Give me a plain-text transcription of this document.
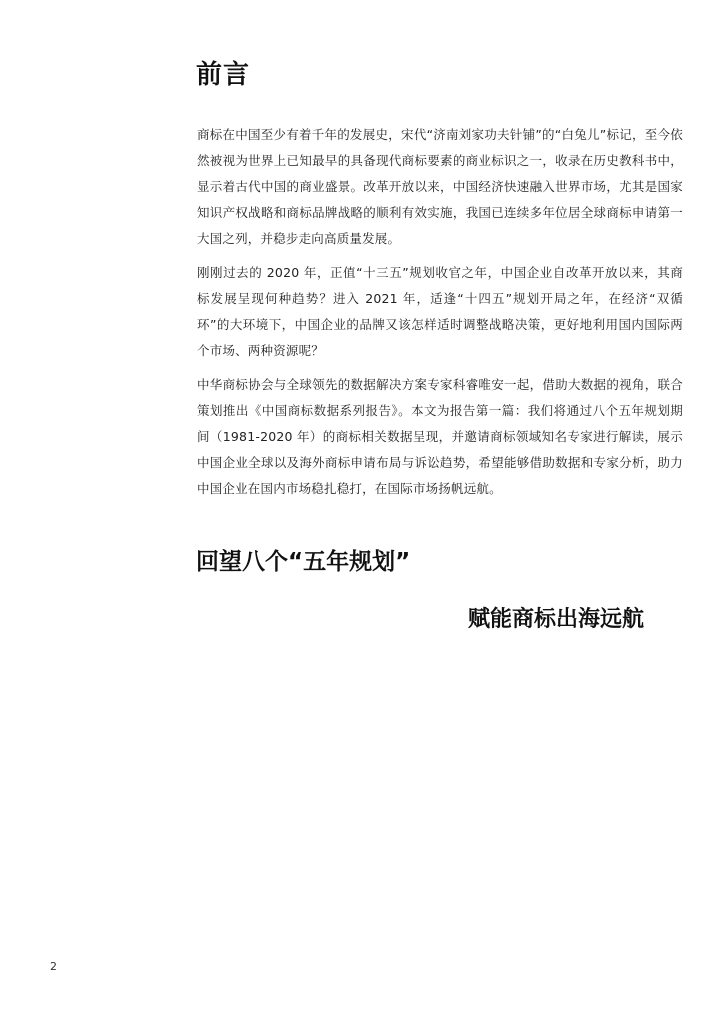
前言

商标在中国至少有着千年的发展史，宋代“济南刘家功夫针铺”的“白兔儿”标记，至今依然被视为世界上已知最早的具备现代商标要素的商业标识之一，收录在历史教科书中，显示着古代中国的商业盛景。改革开放以来，中国经济快速融入世界市场，尤其是国家知识产权战略和商标品牌战略的顺利有效实施，我国已连续多年位居全球商标申请第一大国之列，并稳步走向高质量发展。

刚刚过去的 2020 年，正值“十三五”规划收官之年，中国企业自改革开放以来，其商标发展呈现何种趋势？进入 2021 年，适逢“十四五”规划开局之年，在经济“双循环”的大环境下，中国企业的品牌又该怎样适时调整战略决策，更好地利用国内国际两个市场、两种资源呢？

中华商标协会与全球领先的数据解决方案专家科睿唯安一起，借助大数据的视角，联合策划推出《中国商标数据系列报告》。本文为报告第一篇：我们将通过八个五年规划期间（1981-2020 年）的商标相关数据呈现，并邀请商标领域知名专家进行解读，展示中国企业全球以及海外商标申请布局与诉讼趋势，希望能够借助数据和专家分析，助力中国企业在国内市场稳扎稳打，在国际市场扬帆远航。

回望八个“五年规划”
赋能商标出海远航
2
